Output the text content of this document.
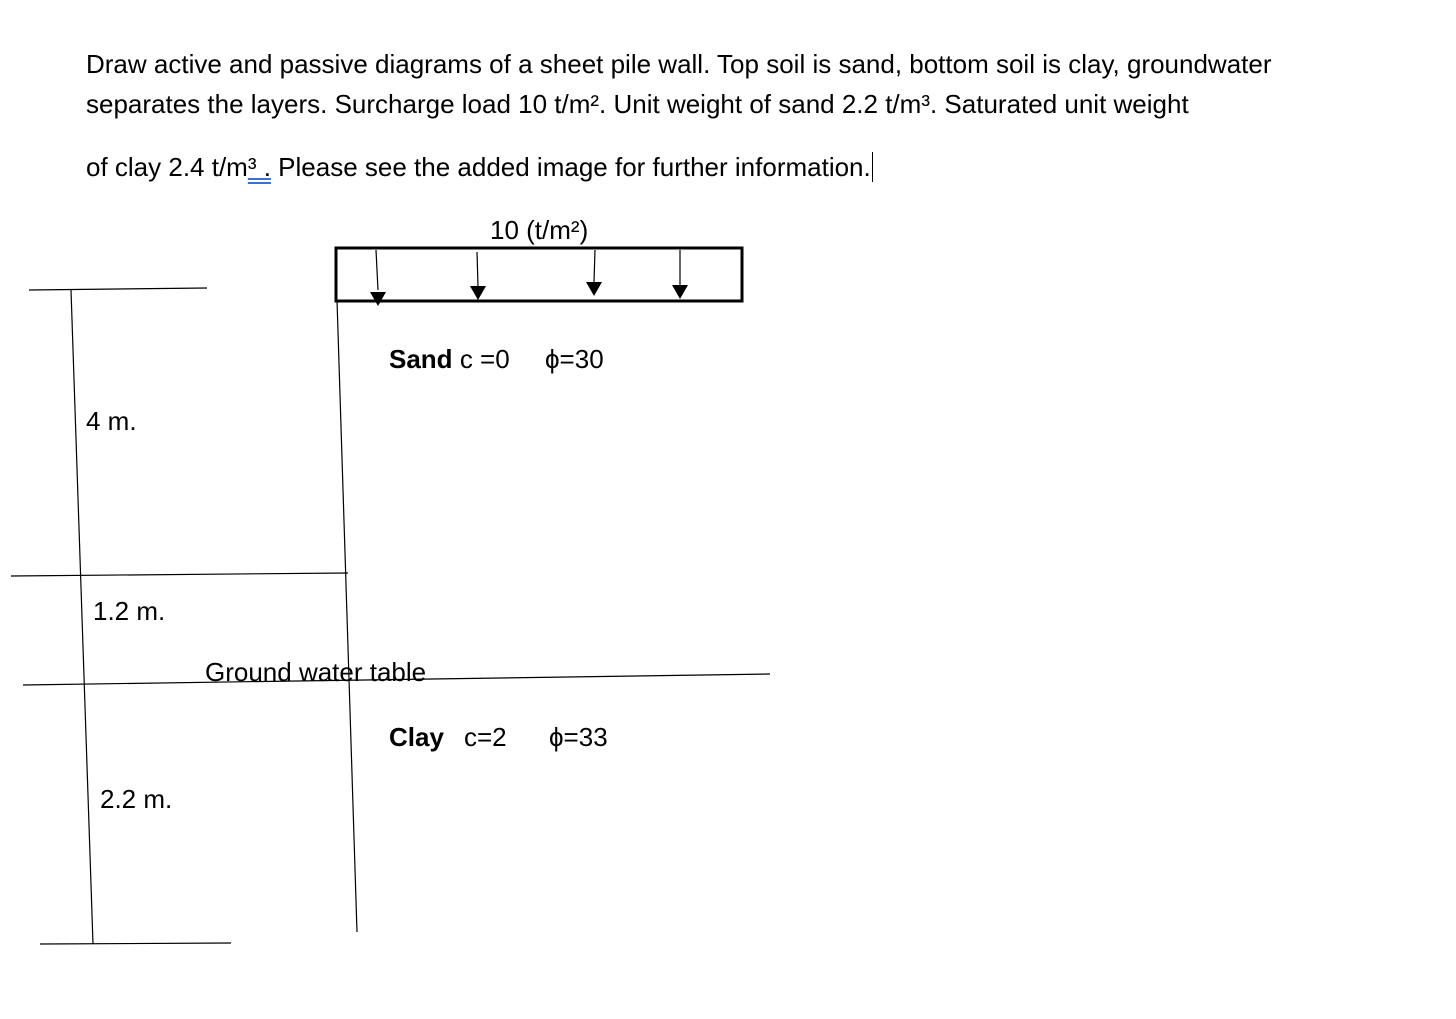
Draw active and passive diagrams of a sheet pile wall. Top soil is sand, bottom soil is clay, groundwater
separates the layers. Surcharge load 10 t/m². Unit weight of sand 2.2 t/m³. Saturated unit weight
of clay 2.4 t/m³ . Please see the added image for further information.
10 (t/m²)
Sand c =0 ϕ=30
4 m.
1.2 m.
2.2 m.
Ground water table
Clay c=2 ϕ=33
